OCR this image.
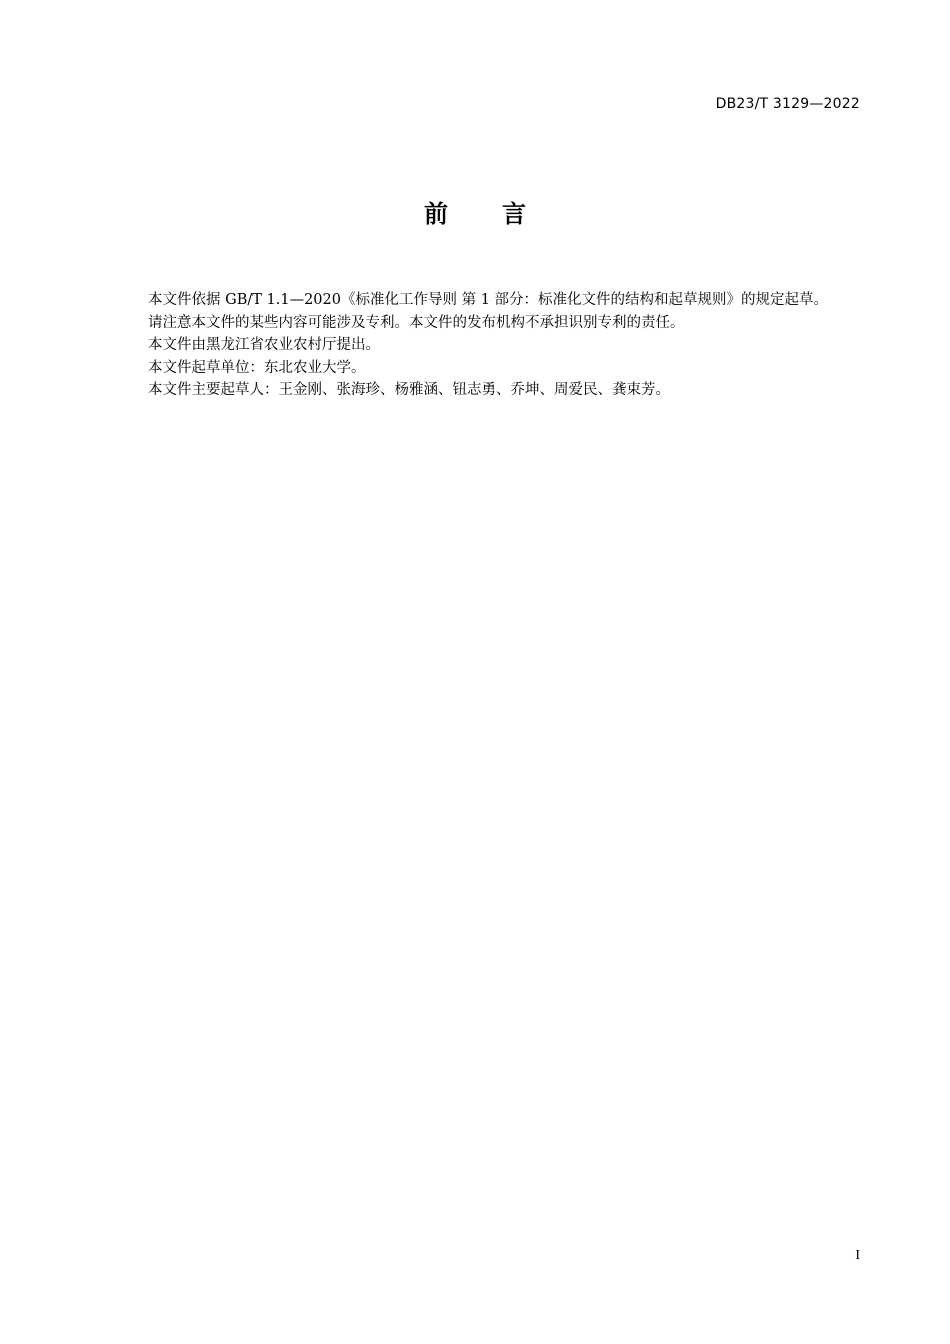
DB23/T 3129—2022
前言

本文件依据 GB/T 1.1—2020《标准化工作导则 第 1 部分：标准化文件的结构和起草规则》的规定起草。

请注意本文件的某些内容可能涉及专利。本文件的发布机构不承担识别专利的责任。

本文件由黑龙江省农业农村厅提出。

本文件起草单位：东北农业大学。

本文件主要起草人：王金刚、张海珍、杨雅涵、钮志勇、乔坤、周爱民、龚束芳。

I
